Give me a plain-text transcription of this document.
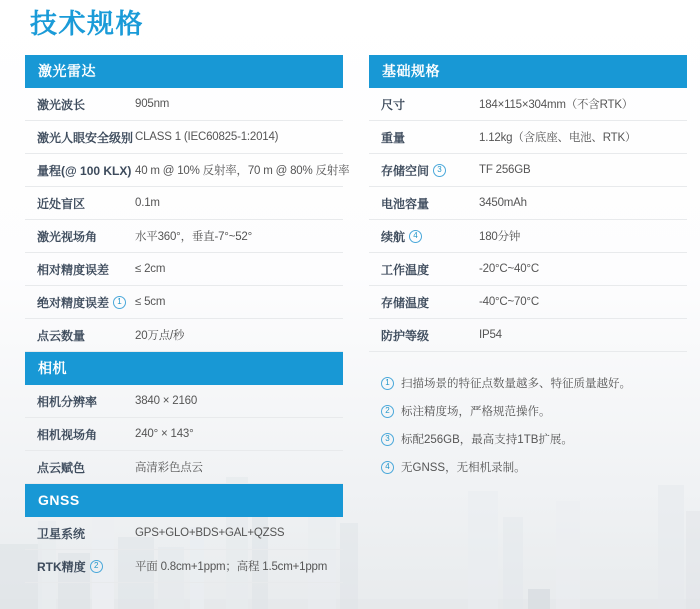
技术规格
激光雷达
激光波长	905nm
激光人眼安全级别 CLASS 1 (IEC60825-1:2014)
量程(@ 100 KLX) 40 m @ 10% 反射率，70 m @ 80% 反射率
近处盲区	0.1m
激光视场角	水平360°，垂直-7°~52°
相对精度误差 ≤ 2cm
绝对精度误差	1	≤ 5cm
点云数量	20万点/秒
相机
相机分辨率	3840 × 2160
相机视场角	240° × 143°
点云赋色	高清彩色点云
GNSS
卫星系统	GPS+GLO+BDS+GAL+QZSS
RTK精度	2	平面 0.8cm+1ppm；高程 1.5cm+1ppm
基础规格
尺寸	184×115×304mm（不含RTK）
重量	1.12kg（含底座、电池、RTK）
存储空间	3	TF 256GB
电池容量	3450mAh
续航	4	180分钟
工作温度	-20°C~40°C
存储温度	-40°C~70°C
防护等级	IP54
1 扫描场景的特征点数量越多、特征质量越好。
2 标注精度场，严格规范操作。
3 标配256GB，最高支持1TB扩展。
4 无GNSS，无相机录制。
